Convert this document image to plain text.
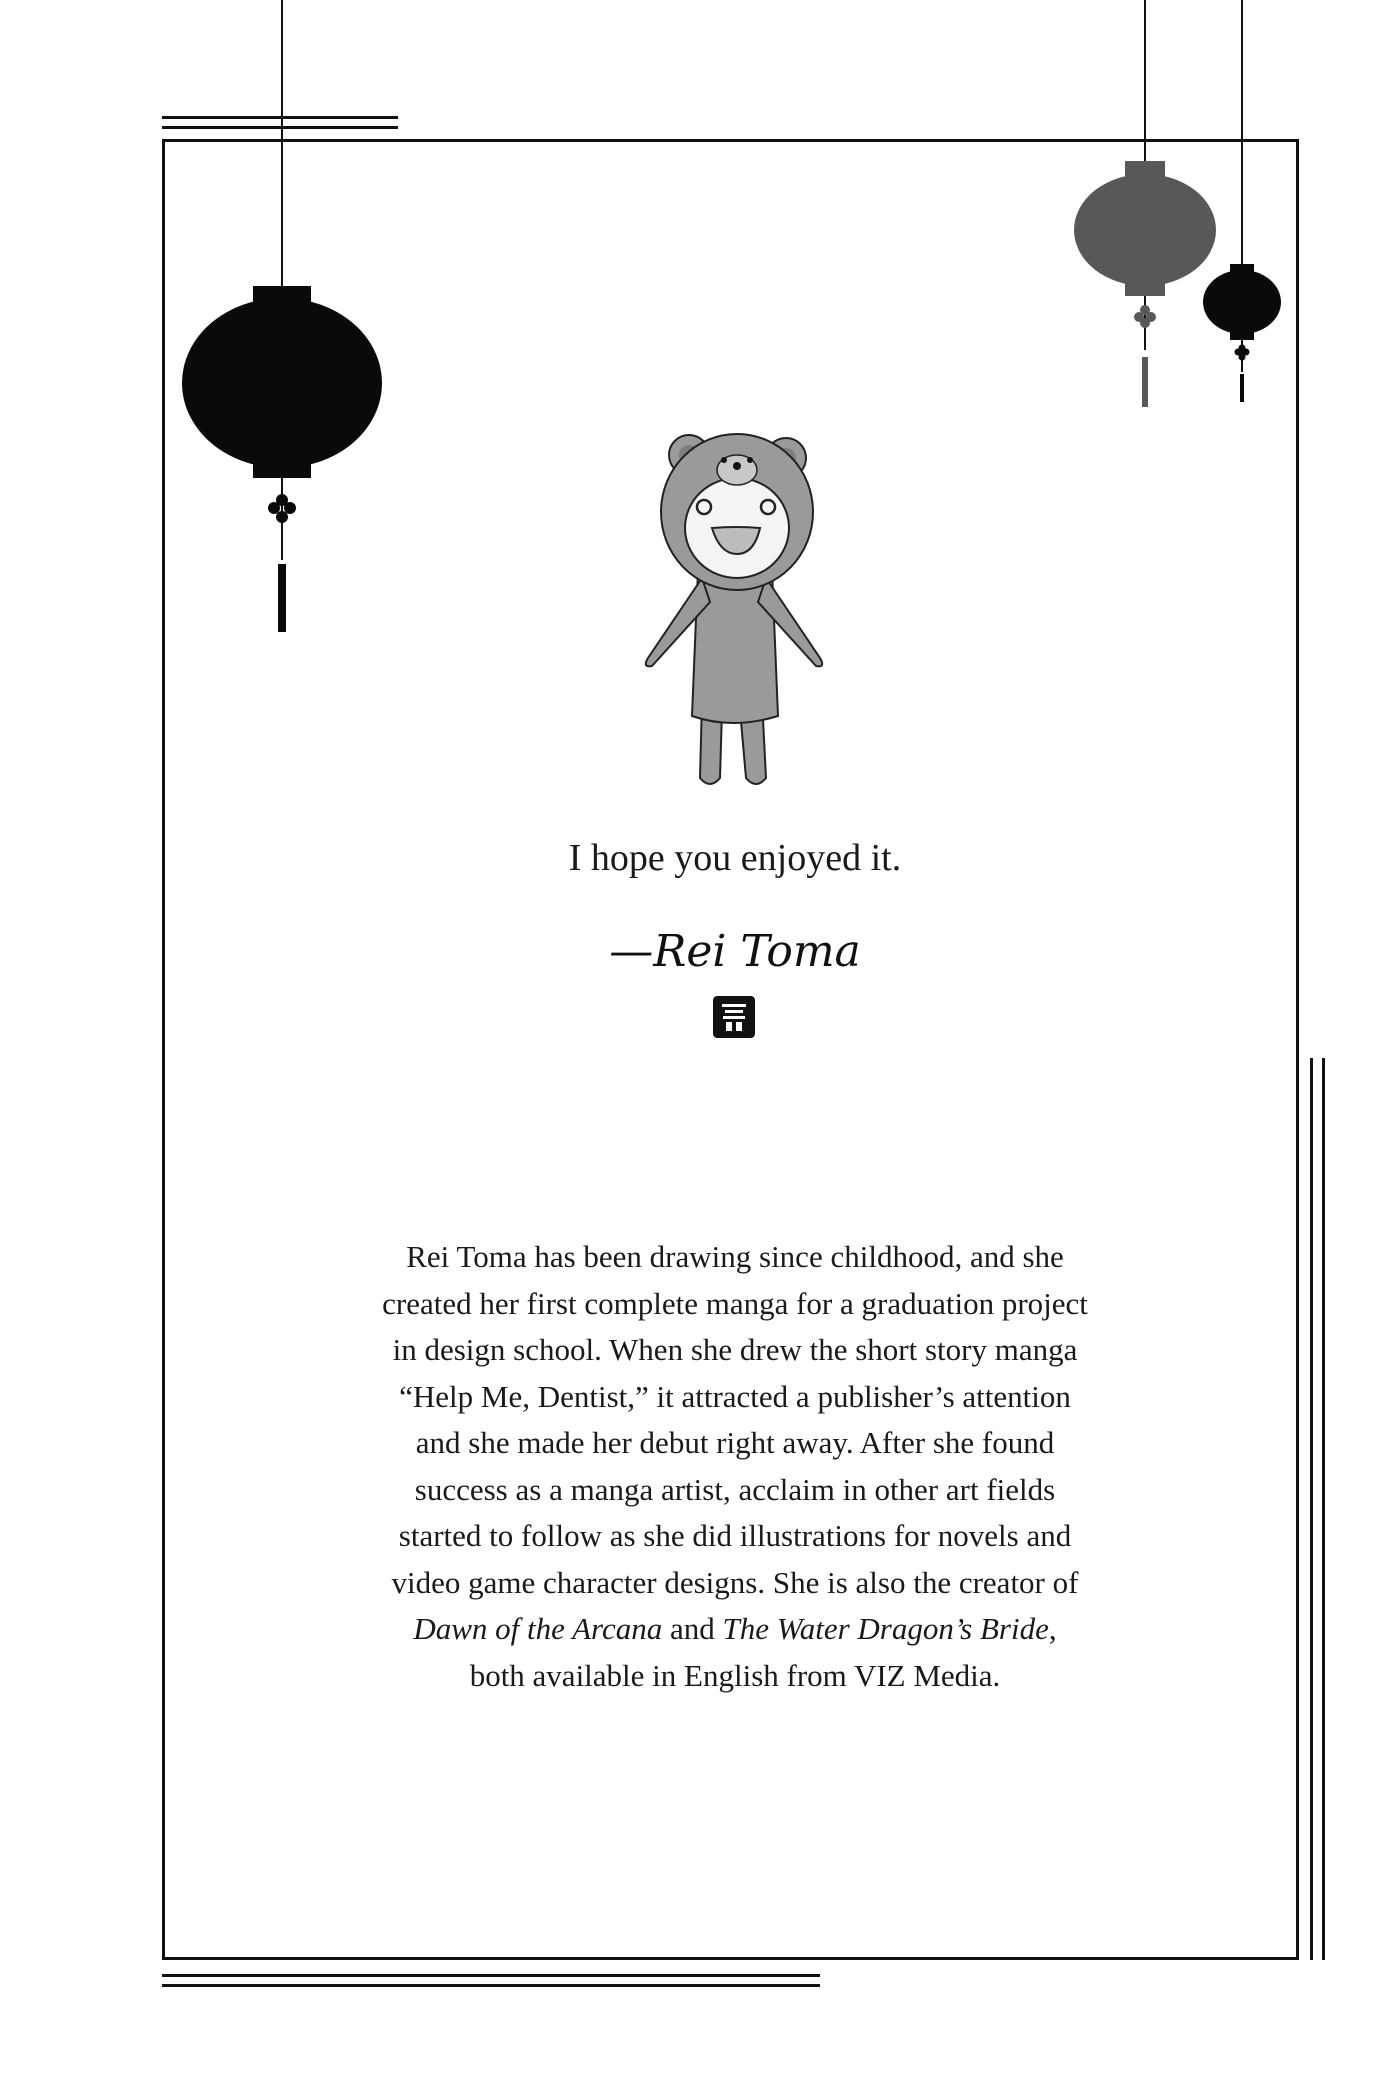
I hope you enjoyed it.
—Rei Toma

Rei Toma has been drawing since childhood, and she

created her first complete manga for a graduation project

in design school. When she drew the short story manga

“Help Me, Dentist,” it attracted a publisher’s attention

and she made her debut right away. After she found

success as a manga artist, acclaim in other art fields

started to follow as she did illustrations for novels and

video game character designs. She is also the creator of

Dawn of the Arcana and The Water Dragon’s Bride,

both available in English from VIZ Media.
